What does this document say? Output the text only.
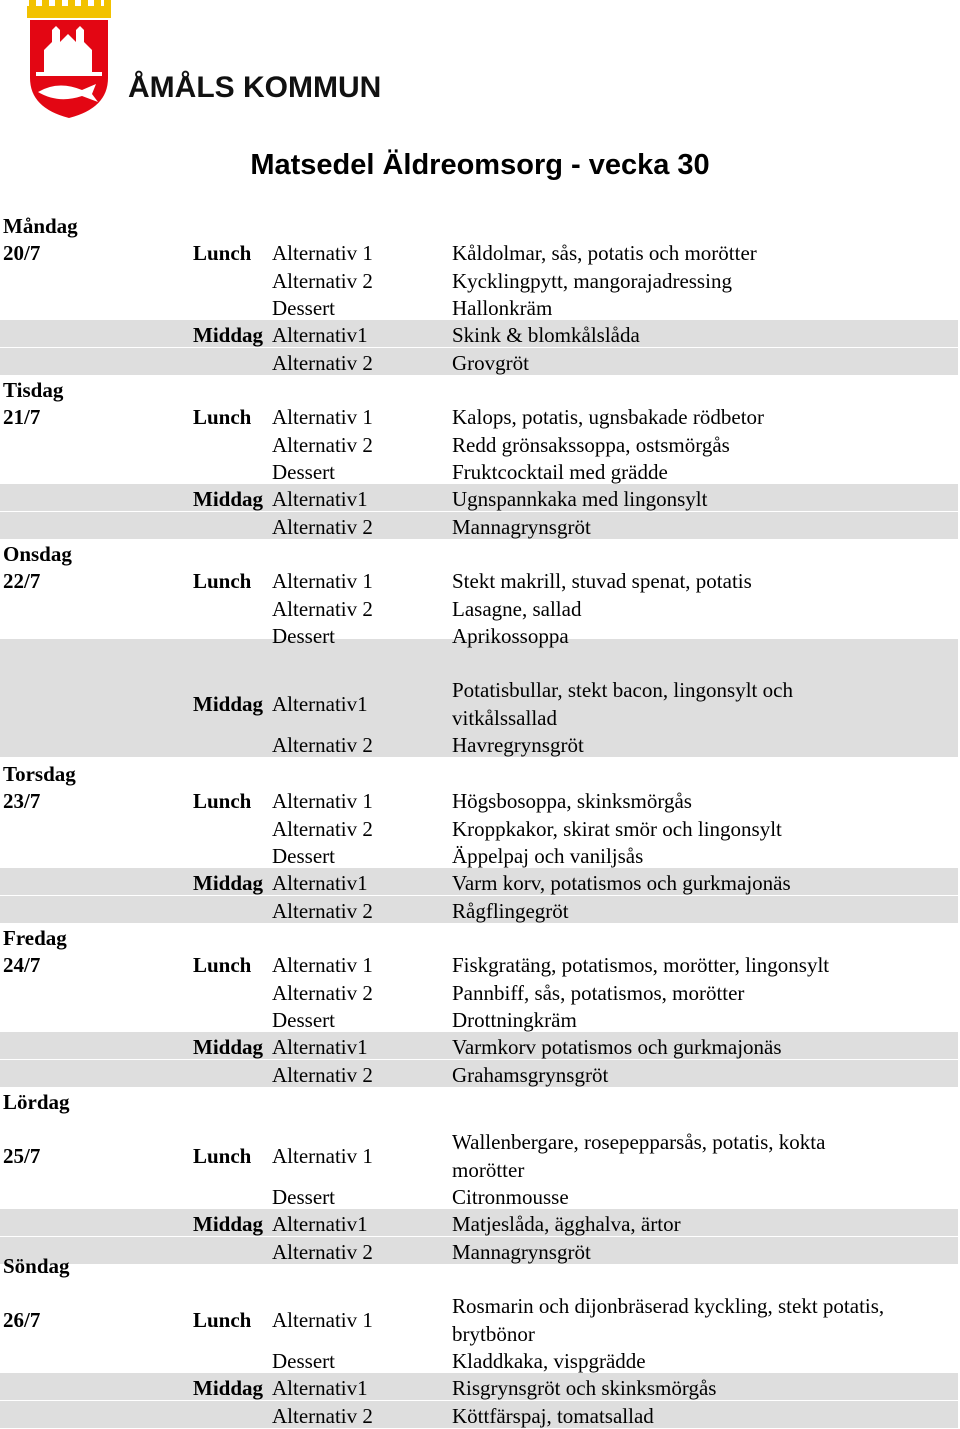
ÅMÅLS KOMMUN
Matsedel Äldreomsorg - vecka 30
Måndag
20/7	Lunch Alternativ 1	Kåldolmar, sås, potatis och morötter
Alternativ 2	Kycklingpytt, mangorajadressing
Dessert	Hallonkräm
Middag Alternativ1	Skink & blomkålslåda
Alternativ 2	Grovgröt
Tisdag
21/7	Lunch Alternativ 1	Kalops, potatis, ugnsbakade rödbetor
Alternativ 2	Redd grönsakssoppa, ostsmörgås
Dessert	Fruktcocktail med grädde
Middag Alternativ1	Ugnspannkaka med lingonsylt
Alternativ 2	Mannagrynsgröt
Onsdag
22/7	Lunch Alternativ 1	Stekt makrill, stuvad spenat, potatis
Alternativ 2	Lasagne, sallad
Dessert	Aprikossoppa
Middag Alternativ1
Potatisbullar, stekt bacon, lingonsylt och
vitkålssallad
Alternativ 2	Havregrynsgröt
Torsdag
23/7	Lunch Alternativ 1	Högsbosoppa, skinksmörgås
Alternativ 2	Kroppkakor, skirat smör och lingonsylt
Dessert	Äppelpaj och vaniljsås
Middag Alternativ1	Varm korv, potatismos och gurkmajonäs
Alternativ 2	Rågflingegröt
Fredag
24/7	Lunch Alternativ 1	Fiskgratäng, potatismos, morötter, lingonsylt
Alternativ 2	Pannbiff, sås, potatismos, morötter
Dessert	Drottningkräm
Middag Alternativ1	Varmkorv potatismos och gurkmajonäs
Alternativ 2	Grahamsgrynsgröt
Lördag
25/7	Lunch Alternativ 1
Wallenbergare, rosepepparsås, potatis, kokta
morötter
Dessert	Citronmousse
Middag Alternativ1	Matjeslåda, ägghalva, ärtor
Alternativ 2	Mannagrynsgröt
Söndag
26/7	Lunch Alternativ 1
Rosmarin och dijonbräserad kyckling, stekt potatis,
brytbönor
Dessert	Kladdkaka, vispgrädde
Middag Alternativ1	Risgrynsgröt och skinksmörgås
Alternativ 2	Köttfärspaj, tomatsallad
